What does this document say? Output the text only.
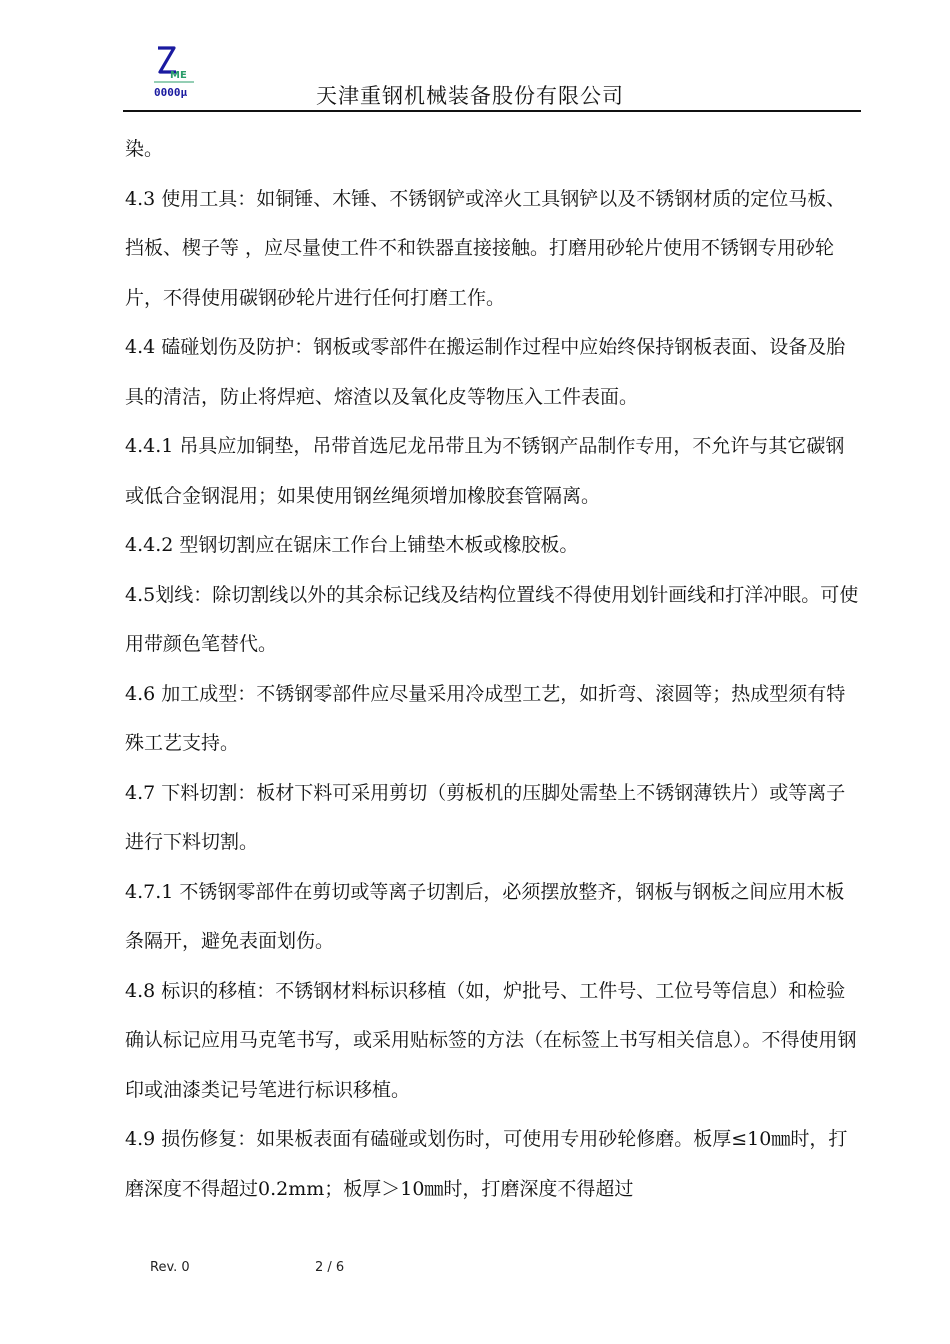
ME
0000μ	天津重钢机械装备股份有限公司

染。

4.3 使用工具：如铜锤、木锤、不锈钢铲或淬火工具钢铲以及不锈钢材质的定位马板、挡板、楔子等 ，应尽量使工件不和铁器直接接触。打磨用砂轮片使用不锈钢专用砂轮片，不得使用碳钢砂轮片进行任何打磨工作。

4.4 磕碰划伤及防护：钢板或零部件在搬运制作过程中应始终保持钢板表面、设备及胎具的清洁，防止将焊疤、熔渣以及氧化皮等物压入工件表面。

4.4.1 吊具应加铜垫，吊带首选尼龙吊带且为不锈钢产品制作专用，不允许与其它碳钢或低合金钢混用；如果使用钢丝绳须增加橡胶套管隔离。

4.4.2 型钢切割应在锯床工作台上铺垫木板或橡胶板。

4.5划线：除切割线以外的其余标记线及结构位置线不得使用划针画线和打洋冲眼。可使用带颜色笔替代。

4.6 加工成型：不锈钢零部件应尽量采用冷成型工艺，如折弯、滚圆等；热成型须有特殊工艺支持。

4.7 下料切割：板材下料可采用剪切（剪板机的压脚处需垫上不锈钢薄铁片）或等离子进行下料切割。

4.7.1 不锈钢零部件在剪切或等离子切割后，必须摆放整齐，钢板与钢板之间应用木板条隔开，避免表面划伤。

4.8 标识的移植：不锈钢材料标识移植（如，炉批号、工件号、工位号等信息）和检验确认标记应用马克笔书写，或采用贴标签的方法（在标签上书写相关信息）。不得使用钢印或油漆类记号笔进行标识移植。

4.9 损伤修复：如果板表面有磕碰或划伤时，可使用专用砂轮修磨。板厚≤10㎜时，打磨深度不得超过0.2mm；板厚＞10㎜时，打磨深度不得超过

Rev. 0	2 / 6
